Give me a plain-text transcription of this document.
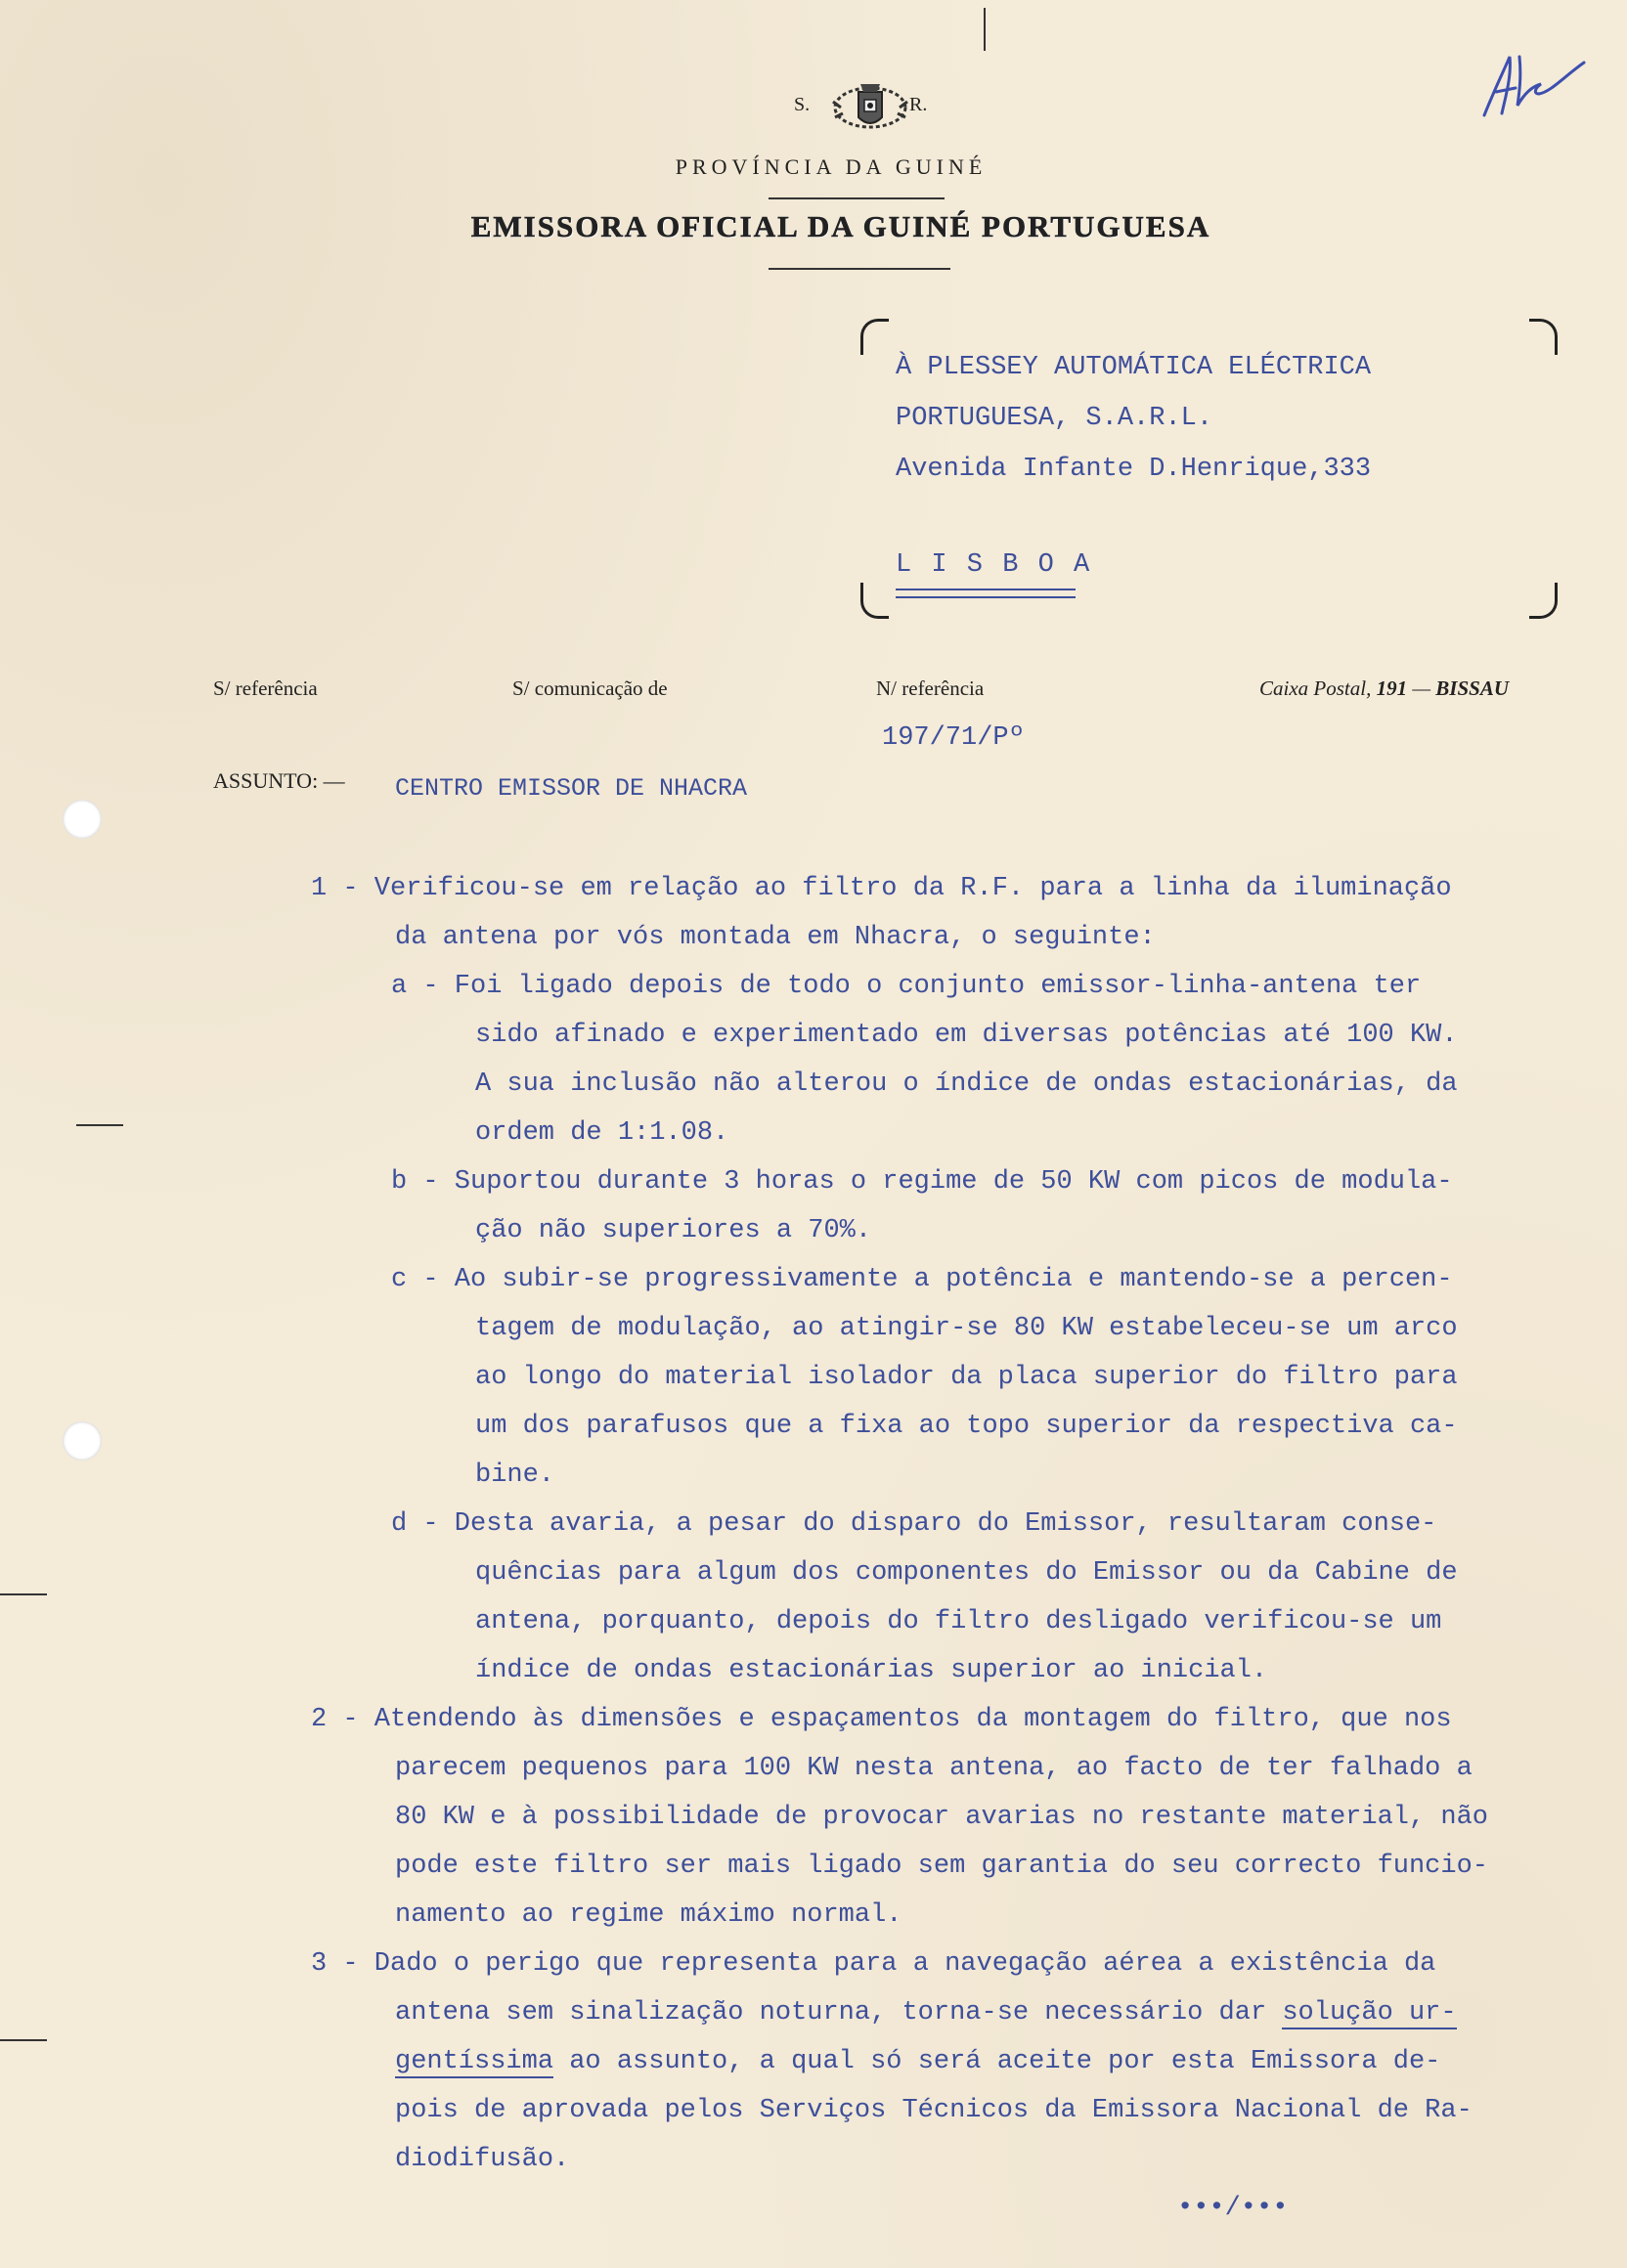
S.	R.
PROVÍNCIA DA GUINÉ
EMISSORA OFICIAL DA GUINÉ PORTUGUESA
À PLESSEY AUTOMÁTICA ELÉCTRICA
PORTUGUESA, S.A.R.L.
Avenida Infante D.Henrique,333
L I S B O A
S/ referência	S/ comunicação de	N/ referência	Caixa Postal, 191 — BISSAU
197/71/Pº
ASSUNTO: — CENTRO EMISSOR DE NHACRA
1 - Verificou-se em relação ao filtro da R.F. para a linha da iluminação
da antena por vós montada em Nhacra, o seguinte:
a - Foi ligado depois de todo o conjunto emissor-linha-antena ter
sido afinado e experimentado em diversas potências até 100 KW.
A sua inclusão não alterou o índice de ondas estacionárias, da
ordem de 1:1.08.
b - Suportou durante 3 horas o regime de 50 KW com picos de modula-
ção não superiores a 70%.
c - Ao subir-se progressivamente a potência e mantendo-se a percen-
tagem de modulação, ao atingir-se 80 KW estabeleceu-se um arco
ao longo do material isolador da placa superior do filtro para
um dos parafusos que a fixa ao topo superior da respectiva ca-
bine.
d - Desta avaria, a pesar do disparo do Emissor, resultaram conse-
quências para algum dos componentes do Emissor ou da Cabine de
antena, porquanto, depois do filtro desligado verificou-se um
índice de ondas estacionárias superior ao inicial.
2 - Atendendo às dimensões e espaçamentos da montagem do filtro, que nos
parecem pequenos para 100 KW nesta antena, ao facto de ter falhado a
80 KW e à possibilidade de provocar avarias no restante material, não
pode este filtro ser mais ligado sem garantia do seu correcto funcio-
namento ao regime máximo normal.
3 - Dado o perigo que representa para a navegação aérea a existência da
antena sem sinalização noturna, torna-se necessário dar solução ur-
gentíssima ao assunto, a qual só será aceite por esta Emissora de-
pois de aprovada pelos Serviços Técnicos da Emissora Nacional de Ra-
diodifusão.
•••/•••
